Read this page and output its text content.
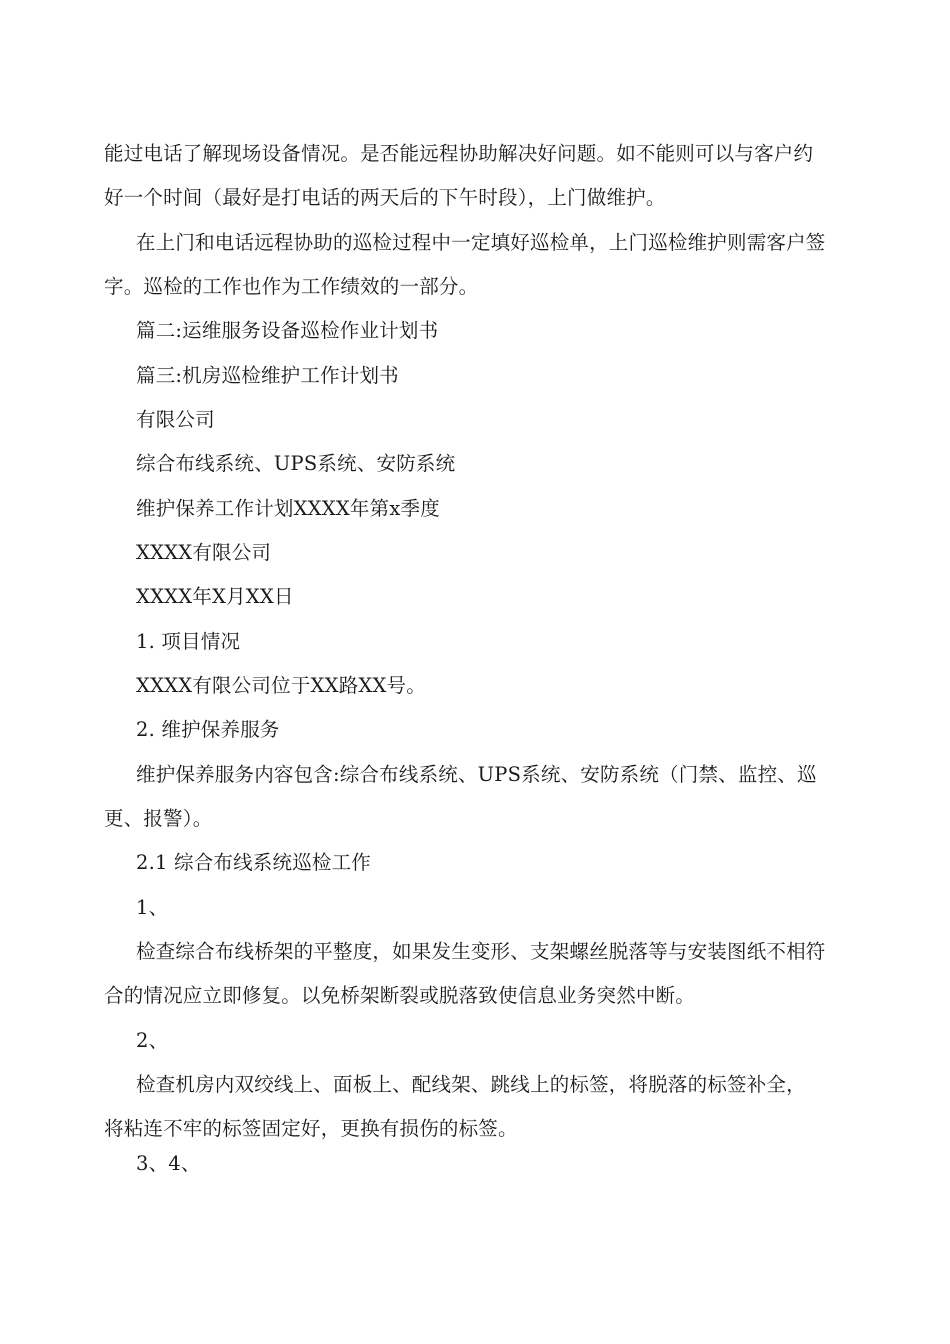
能过电话了解现场设备情况。是否能远程协助解决好问题。如不能则可以与客户约
好一个时间（最好是打电话的两天后的下午时段），上门做维护。
在上门和电话远程协助的巡检过程中一定填好巡检单，上门巡检维护则需客户签
字。巡检的工作也作为工作绩效的一部分。
篇二:运维服务设备巡检作业计划书
篇三:机房巡检维护工作计划书
有限公司
综合布线系统、UPS系统、安防系统
维护保养工作计划XXXX年第x季度
XXXX有限公司
XXXX年X月XX日
1. 项目情况
XXXX有限公司位于XX路XX号。
2. 维护保养服务
维护保养服务内容包含:综合布线系统、UPS系统、安防系统（门禁、监控、巡
更、报警）。
2.1 综合布线系统巡检工作
1、
检查综合布线桥架的平整度，如果发生变形、支架螺丝脱落等与安装图纸不相符
合的情况应立即修复。以免桥架断裂或脱落致使信息业务突然中断。
2、
检查机房内双绞线上、面板上、配线架、跳线上的标签，将脱落的标签补全，
将粘连不牢的标签固定好，更换有损伤的标签。
3、4、
